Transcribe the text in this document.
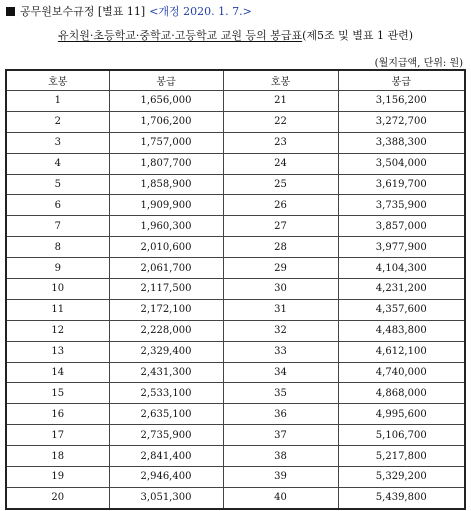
공무원보수규정 [별표 11] <개정 2020. 1. 7.>
유치원·초등학교·중학교·고등학교 교원 등의 봉급표(제5조 및 별표 1 관련)
(월지급액, 단위: 원)
호봉	봉급	호봉	봉급
1	1,656,000	21	3,156,200
2	1,706,200	22	3,272,700
3	1,757,000	23	3,388,300
4	1,807,700	24	3,504,000
5	1,858,900	25	3,619,700
6	1,909,900	26	3,735,900
7	1,960,300	27	3,857,000
8	2,010,600	28	3,977,900
9	2,061,700	29	4,104,300
10	2,117,500	30	4,231,200
11	2,172,100	31	4,357,600
12	2,228,000	32	4,483,800
13	2,329,400	33	4,612,100
14	2,431,300	34	4,740,000
15	2,533,100	35	4,868,000
16	2,635,100	36	4,995,600
17	2,735,900	37	5,106,700
18	2,841,400	38	5,217,800
19	2,946,400	39	5,329,200
20	3,051,300	40	5,439,800
